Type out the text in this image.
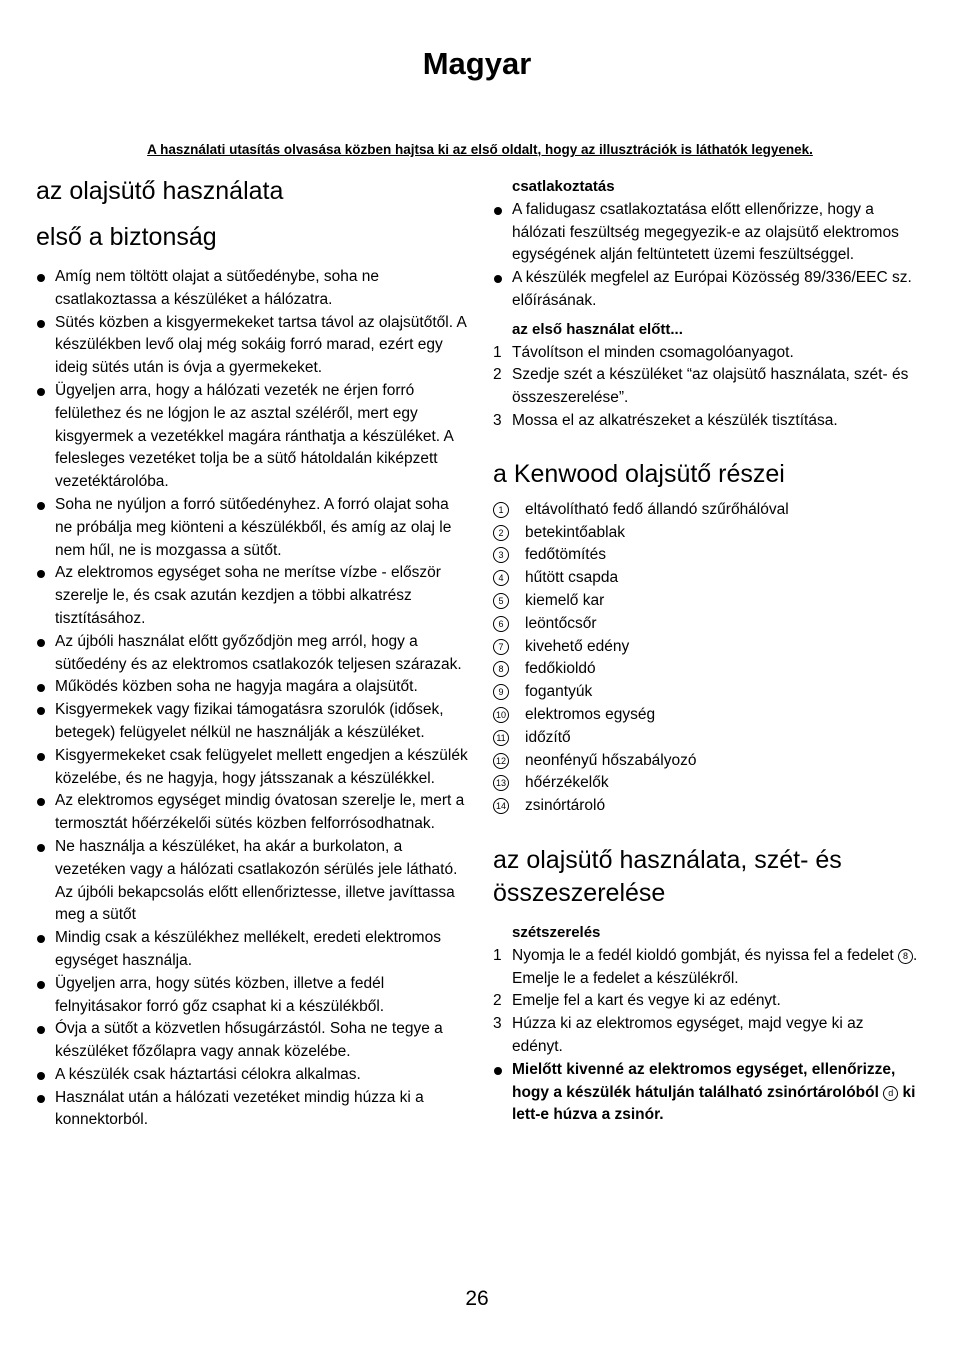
Magyar
A használati utasítás olvasása közben hajtsa ki az első oldalt, hogy az illusztrációk is láthatók legyenek.
az olajsütő használata
első a biztonság
Amíg nem töltött olajat a sütőedénybe, soha ne csatlakoztassa a készüléket a hálózatra.
Sütés közben a kisgyermekeket tartsa távol az olajsütőtől. A készülékben levő olaj még sokáig forró marad, ezért egy ideig sütés után is óvja a gyermekeket.
Ügyeljen arra, hogy a hálózati vezeték ne érjen forró felülethez és ne lógjon le az asztal széléről, mert egy kisgyermek a vezetékkel magára ránthatja a készüléket. A felesleges vezetéket tolja be a sütő hátoldalán kiképzett vezetéktárolóba.
Soha ne nyúljon a forró sütőedényhez. A forró olajat soha ne próbálja meg kiönteni a készülékből, és amíg az olaj le nem hűl, ne is mozgassa a sütőt.
Az elektromos egységet soha ne merítse vízbe - először szerelje le, és csak azután kezdjen a többi alkatrész tisztításához.
Az újbóli használat előtt győződjön meg arról, hogy a sütőedény és az elektromos csatlakozók teljesen szárazak.
Működés közben soha ne hagyja magára a olajsütőt.
Kisgyermekek vagy fizikai támogatásra szorulók (idősek, betegek) felügyelet nélkül ne használják a készüléket.
Kisgyermekeket csak felügyelet mellett engedjen a készülék közelébe, és ne hagyja, hogy játsszanak a készülékkel.
Az elektromos egységet mindig óvatosan szerelje le, mert a termosztát hőérzékelői sütés közben felforrósodhatnak.
Ne használja a készüléket, ha akár a burkolaton, a vezetéken vagy a hálózati csatlakozón sérülés jele látható. Az újbóli bekapcsolás előtt ellenőriztesse, illetve javíttassa meg a sütőt
Mindig csak a készülékhez mellékelt, eredeti elektromos egységet használja.
Ügyeljen arra, hogy sütés közben, illetve a fedél felnyitásakor forró gőz csaphat ki a készülékből.
Óvja a sütőt a közvetlen hősugárzástól. Soha ne tegye a készüléket főzőlapra vagy annak közelébe.
A készülék csak háztartási célokra alkalmas.
Használat után a hálózati vezetéket mindig húzza ki a konnektorból.
csatlakoztatás
A falidugasz csatlakoztatása előtt ellenőrizze, hogy a hálózati feszültség megegyezik-e az olajsütő elektromos egységének alján feltüntetett üzemi feszültséggel.
A készülék megfelel az Európai Közösség 89/336/EEC sz. előírásának.
az első használat előtt...
1 Távolítson el minden csomagolóanyagot.
2 Szedje szét a készüléket “az olajsütő használata, szét- és összeszerelése”.
3 Mossa el az alkatrészeket a készülék tisztítása.
a Kenwood olajsütő részei
1	eltávolítható fedő állandó szűrőhálóval
2	betekintőablak
3	fedőtömítés
4	hűtött csapda
5	kiemelő kar
6	leöntőcsőr
7	kivehető edény
8	fedőkioldó
9	fogantyúk
10 elektromos egység
11 időzítő
12 neonfényű hőszabályozó
13 hőérzékelők
14 zsinórtároló
az olajsütő használata, szét- és összeszerelése
szétszerelés
1 Nyomja le a fedél kioldó gombját, és nyissa fel a fedelet 8 . Emelje le a fedelet a készülékről.
2 Emelje fel a kart és vegye ki az edényt.
3 Húzza ki az elektromos egységet, majd vegye ki az edényt.
Mielőtt kivenné az elektromos egységet, ellenőrizze, hogy a készülék hátulján található zsinórtárolóból d ki lett-e húzva a zsinór.
26
